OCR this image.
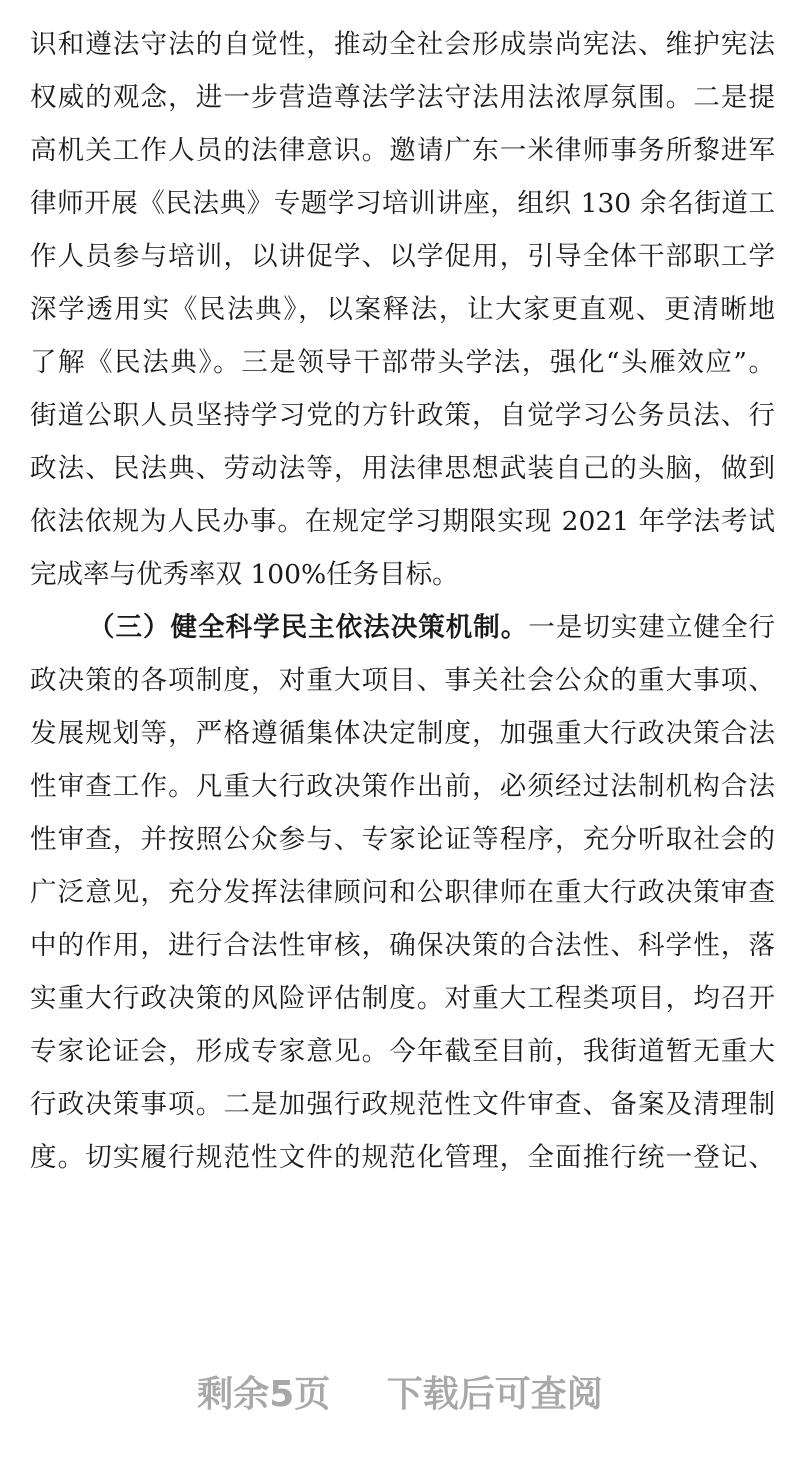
识和遵法守法的自觉性，推动全社会形成崇尚宪法、维护宪法
权威的观念，进一步营造尊法学法守法用法浓厚氛围。二是提
高机关工作人员的法律意识。邀请广东一米律师事务所黎进军
律师开展《民法典》专题学习培训讲座，组织 130 余名街道工
作人员参与培训，以讲促学、以学促用，引导全体干部职工学
深学透用实《民法典》，以案释法，让大家更直观、更清晰地
了解《民法典》。三是领导干部带头学法，强化“头雁效应”。
街道公职人员坚持学习党的方针政策，自觉学习公务员法、行
政法、民法典、劳动法等，用法律思想武装自己的头脑，做到
依法依规为人民办事。在规定学习期限实现 2021 年学法考试
完成率与优秀率双 100%任务目标。
（三）健全科学民主依法决策机制。一是切实建立健全行
政决策的各项制度，对重大项目、事关社会公众的重大事项、
发展规划等，严格遵循集体决定制度，加强重大行政决策合法
性审查工作。凡重大行政决策作出前，必须经过法制机构合法
性审查，并按照公众参与、专家论证等程序，充分听取社会的
广泛意见，充分发挥法律顾问和公职律师在重大行政决策审查
中的作用，进行合法性审核，确保决策的合法性、科学性，落
实重大行政决策的风险评估制度。对重大工程类项目，均召开
专家论证会，形成专家意见。今年截至目前，我街道暂无重大
行政决策事项。二是加强行政规范性文件审查、备案及清理制
度。切实履行规范性文件的规范化管理，全面推行统一登记、
剩余5页 下载后可查阅
